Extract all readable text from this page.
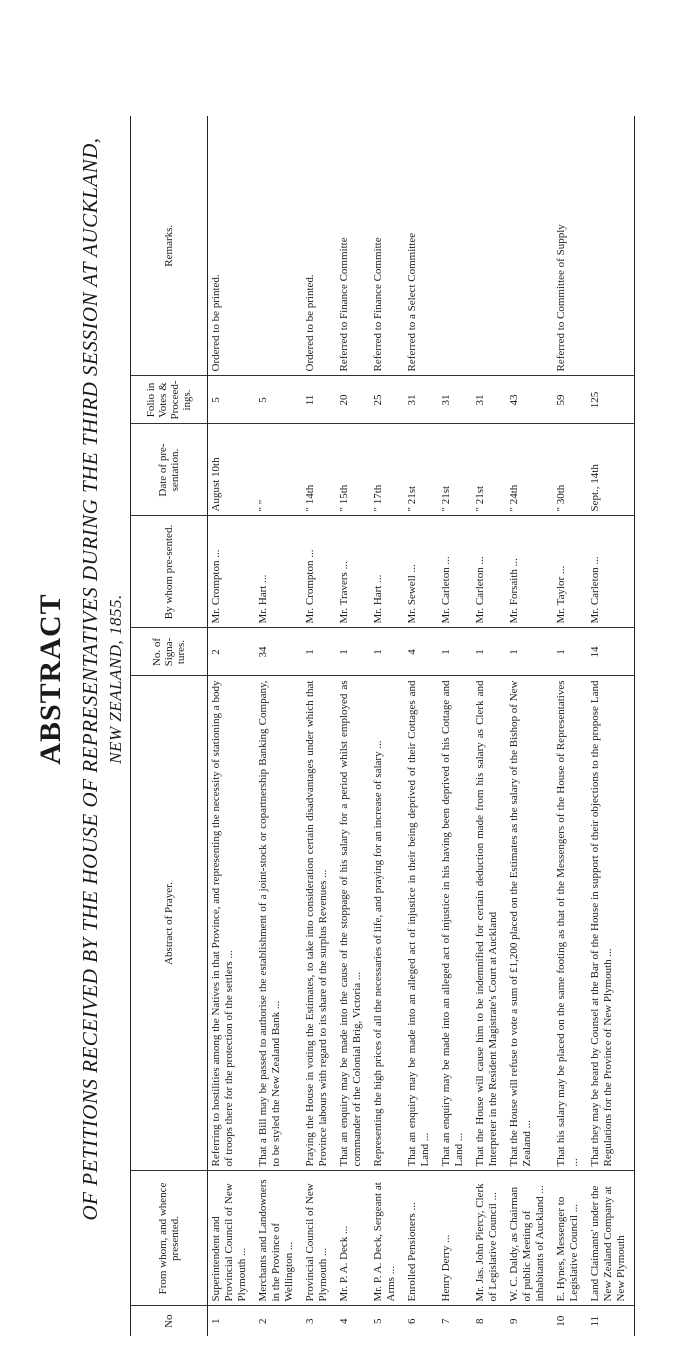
ABSTRACT OF PETITIONS RECEIVED BY THE HOUSE OF REPRESENTATIVES DURING THE THIRD SESSION AT AUCKLAND, NEW ZEALAND, 1855.
No	From whom, and whence presented.	Abstract of Prayer.	No. of Signa-tures.	By whom pre-sented.	Date of pre-sentation.	Folio in Votes & Proceed-ings.	Remarks.
1	Superintendent and Provincial Council of New Plymouth ...	Referring to hostilities among the Natives in that Province, and representing the necessity of stationing a body of troops there for the protection of the settlers ...	2	Mr. Crompton ...	August 10th	5	Ordered to be printed.
2	Merchants and Landowners in the Province of Wellington ...	That a Bill may be passed to authorise the establishment of a joint-stock or copartnership Banking Company, to be styled the New Zealand Bank ...	34	Mr. Hart ...	" "	5	
3	Provincial Council of New Plymouth ...	Praying the House in voting the Estimates, to take into consideration certain disadvantages under which that Province labours with regard to its share of the surplus Revenues ...	1	Mr. Crompton ...	" 14th	11	Ordered to be printed.
4	Mr. P. A. Deck ...	That an enquiry may be made into the cause of the stoppage of his salary for a period whilst employed as commander of the Colonial Brig, Victoria ...	1	Mr. Travers ...	" 15th	20	Referred to Finance Committe
5	Mr. P. A. Deck, Sergeant at Arms ...	Representing the high prices of all the necessaries of life, and praying for an increase of salary ...	1	Mr. Hart ...	" 17th	25	Referred to Finance Committe
6	Enrolled Pensioners ...	That an enquiry may be made into an alleged act of injustice in their being deprived of their Cottages and Land ...	4	Mr. Sewell ...	" 21st	31	Referred to a Select Committee
7	Henry Derry ...	That an enquiry may be made into an alleged act of injustice in his having been deprived of his Cottage and Land ...	1	Mr. Carleton ...	" 21st	31	
8	Mr. Jas. John Piercy, Clerk of Legislative Council ...	That the House will cause him to be indemnified for certain deduction made from his salary as Clerk and Interpreter in the Resident Magistrate's Court at Auckland	1	Mr. Carleton ...	" 21st	31	
9	W. C. Daldy, as Chairman of public Meeting of inhabitants of Auckland ...	That the House will refuse to vote a sum of £1,200 placed on the Estimates as the salary of the Bishop of New Zealand ...	1	Mr. Forsaith ...	" 24th	43	
10	E. Hynes, Messenger to Legislative Council ...	That his salary may be placed on the same footing as that of the Messengers of the House of Representatives ...	1	Mr. Taylor ...	" 30th	59	Referred to Committee of Supply
11	Land Claimants' under the New Zealand Company at New Plymouth	That they may be heard by Counsel at the Bar of the House in support of their objections to the propose Land Regulations for the Province of New Plymouth ...	14	Mr. Carleton ...	Sept., 14th	125	
